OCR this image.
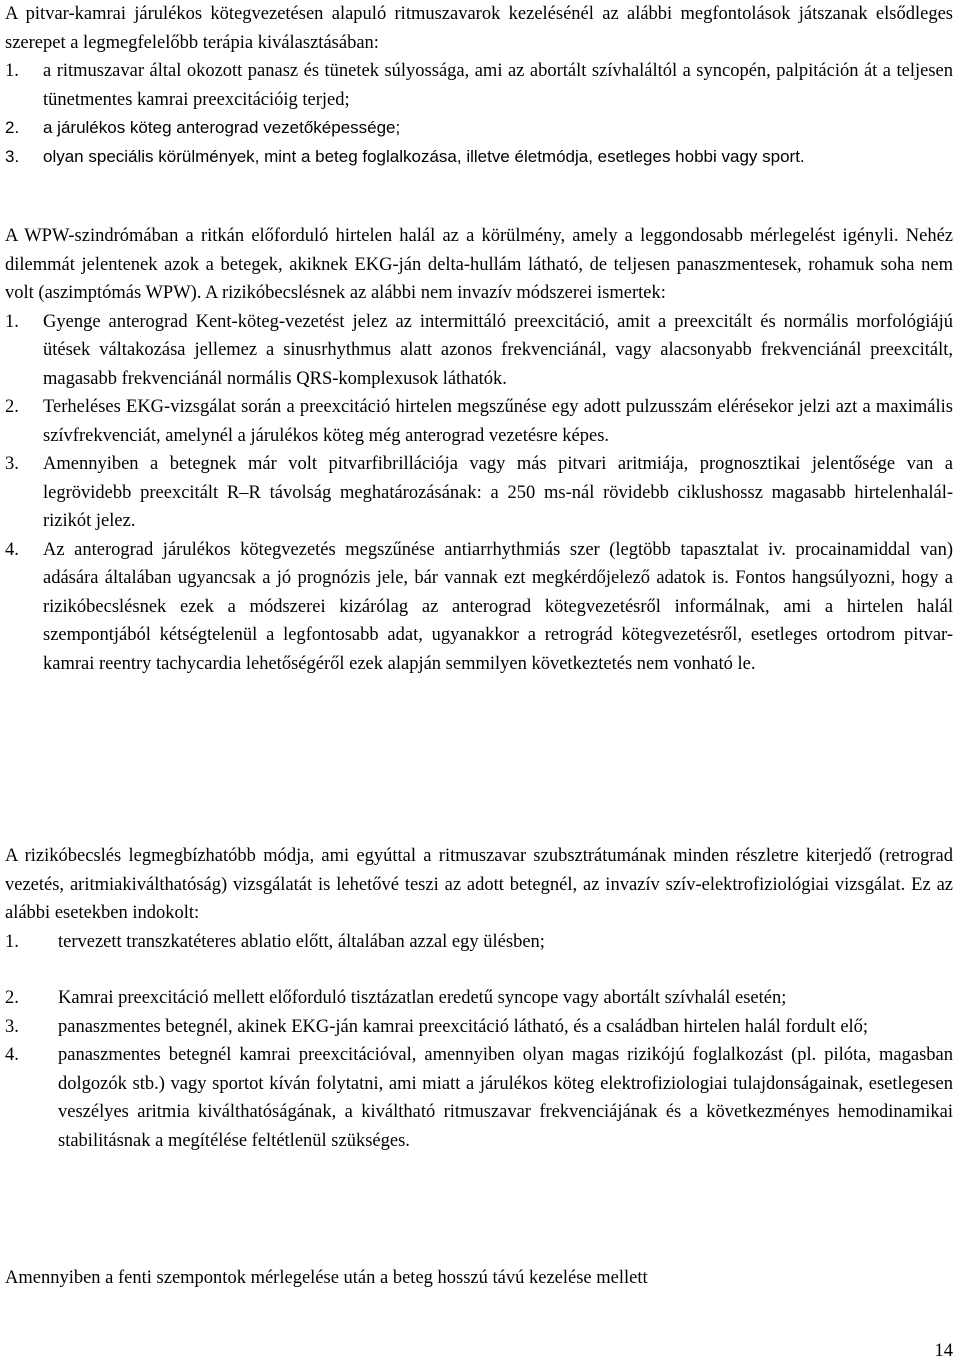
A pitvar-kamrai járulékos kötegvezetésen alapuló ritmuszavarok kezelésénél az alábbi megfontolások játszanak elsődleges szerepet a legmegfelelőbb terápia kiválasztásában:

1.	a ritmuszavar által okozott panasz és tünetek súlyossága, ami az abortált szívhaláltól a syncopén, palpitáción át a teljesen tünetmentes kamrai preexcitációig terjed;
2.	a járulékos köteg anterograd vezetőképessége;
3.	olyan speciális körülmények, mint a beteg foglalkozása, illetve életmódja, esetleges hobbi vagy sport.

A WPW-szindrómában a ritkán előforduló hirtelen halál az a körülmény, amely a leggondosabb mérlegelést igényli. Nehéz dilemmát jelentenek azok a betegek, akiknek EKG-ján delta-hullám látható, de teljesen panaszmentesek, rohamuk soha nem volt (aszimptómás WPW). A rizikóbecslésnek az alábbi nem invazív módszerei ismertek:

1.	Gyenge anterograd Kent-köteg-vezetést jelez az intermittáló preexcitáció, amit a preexcitált és normális morfológiájú ütések váltakozása jellemez a sinusrhythmus alatt azonos frekvenciánál, vagy alacsonyabb frekvenciánál preexcitált, magasabb frekvenciánál normális QRS-komplexusok láthatók.
2.	Terheléses EKG-vizsgálat során a preexcitáció hirtelen megszűnése egy adott pulzusszám elérésekor jelzi azt a maximális szívfrekvenciát, amelynél a járulékos köteg még anterograd vezetésre képes.
3.	Amennyiben a betegnek már volt pitvarfibrillációja vagy más pitvari aritmiája, prognosztikai jelentősége van a legrövidebb preexcitált R–R távolság meghatározásának: a 250 ms-nál rövidebb ciklushossz magasabb hirtelenhalál-rizikót jelez.
4.	Az anterograd járulékos kötegvezetés megszűnése antiarrhythmiás szer (legtöbb tapasztalat iv. procainamiddal van) adására általában ugyancsak a jó prognózis jele, bár vannak ezt megkérdőjelező adatok is. Fontos hangsúlyozni, hogy a rizikóbecslésnek ezek a módszerei kizárólag az anterograd kötegvezetésről informálnak, ami a hirtelen halál szempontjából kétségtelenül a legfontosabb adat, ugyanakkor a retrográd kötegvezetésről, esetleges ortodrom pitvar-kamrai reentry tachycardia lehetőségéről ezek alapján semmilyen következtetés nem vonható le.

A rizikóbecslés legmegbízhatóbb módja, ami egyúttal a ritmuszavar szubsztrátumának minden részletre kiterjedő (retrograd vezetés, aritmiakiválthatóság) vizsgálatát is lehetővé teszi az adott betegnél, az invazív szív-elektrofiziológiai vizsgálat. Ez az alábbi esetekben indokolt:

1.	tervezett transzkatéteres ablatio előtt, általában azzal egy ülésben;
2.	Kamrai preexcitáció mellett előforduló tisztázatlan eredetű syncope vagy abortált szívhalál esetén;
3.	panaszmentes betegnél, akinek EKG-ján kamrai preexcitáció látható, és a családban hirtelen halál fordult elő;
4.	panaszmentes betegnél kamrai preexcitációval, amennyiben olyan magas rizikójú foglalkozást (pl. pilóta, magasban dolgozók stb.) vagy sportot kíván folytatni, ami miatt a járulékos köteg elektrofiziologiai tulajdonságainak, esetlegesen veszélyes aritmia kiválthatóságának, a kiváltható ritmuszavar frekvenciájának és a következményes hemodinamikai stabilitásnak a megítélése feltétlenül szükséges.

Amennyiben a fenti szempontok mérlegelése után a beteg hosszú távú kezelése mellett

14
